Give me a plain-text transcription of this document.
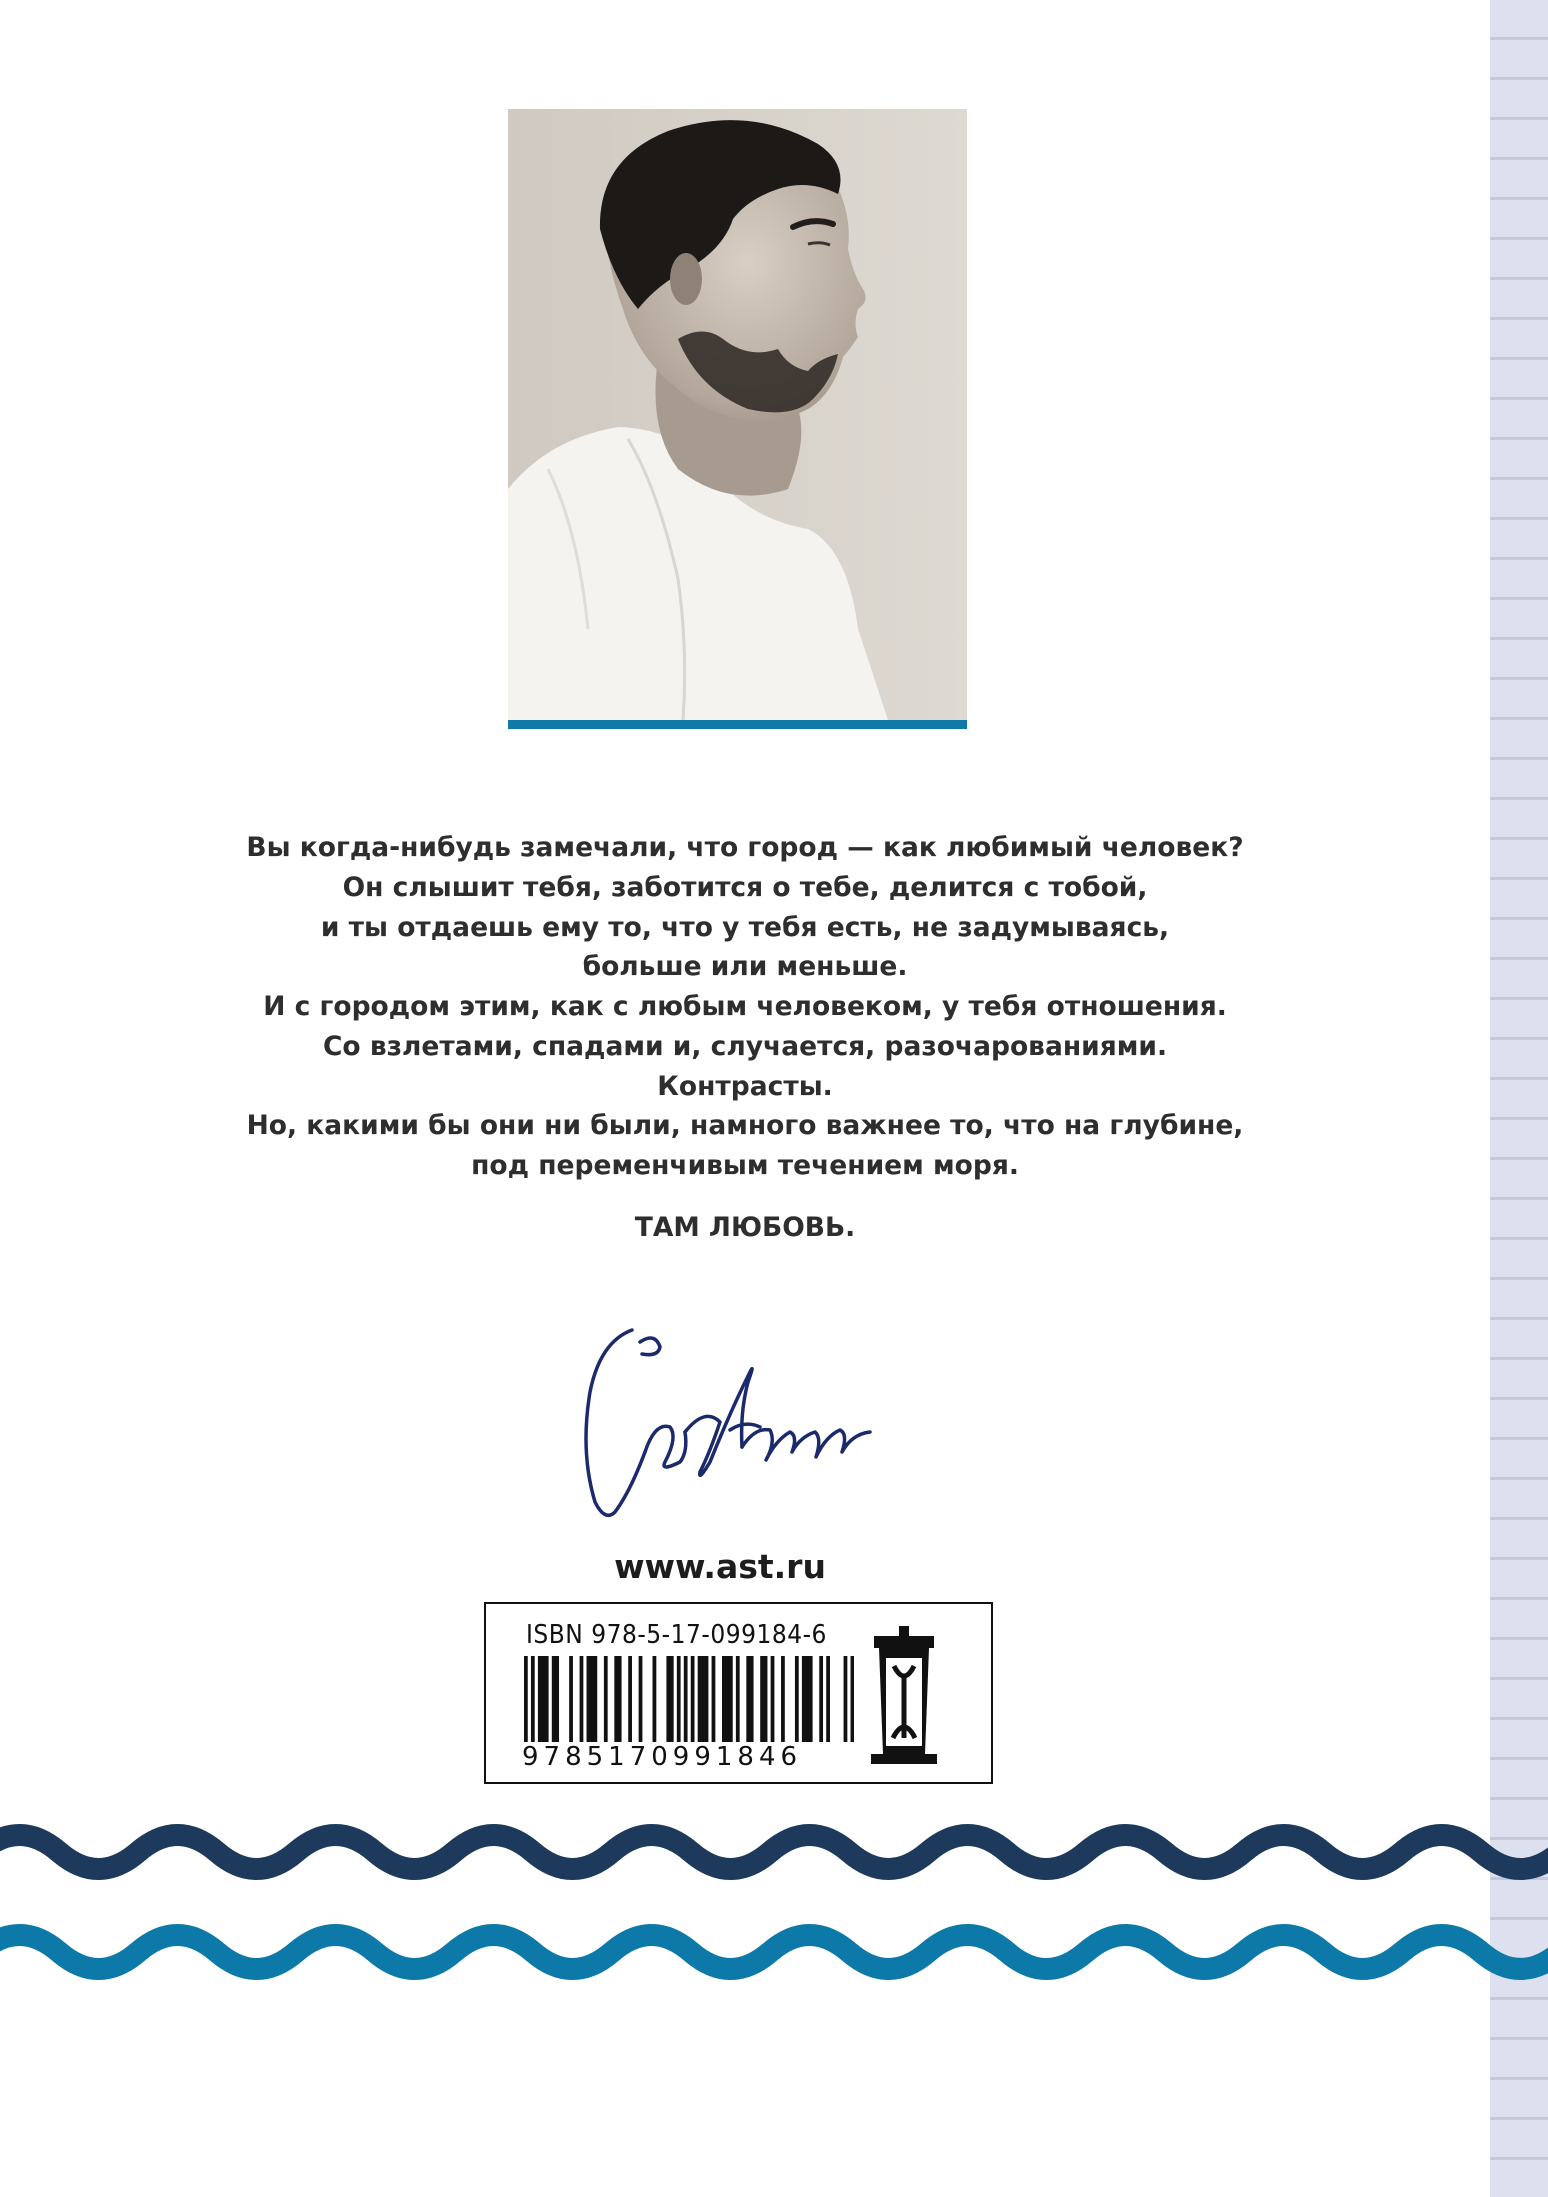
Вы когда-нибудь замечали, что город — как любимый человек?

Он слышит тебя, заботится о тебе, делится с тобой,

и ты отдаешь ему то, что у тебя есть, не задумываясь,

больше или меньше.

И с городом этим, как с любым человеком, у тебя отношения.

Со взлетами, спадами и, случается, разочарованиями.

Контрасты.

Но, какими бы они ни были, намного важнее то, что на глубине,

под переменчивым течением моря.

ТАМ ЛЮБОВЬ.

www.ast.ru
ISBN 978-5-17-099184-6
9785170991846
